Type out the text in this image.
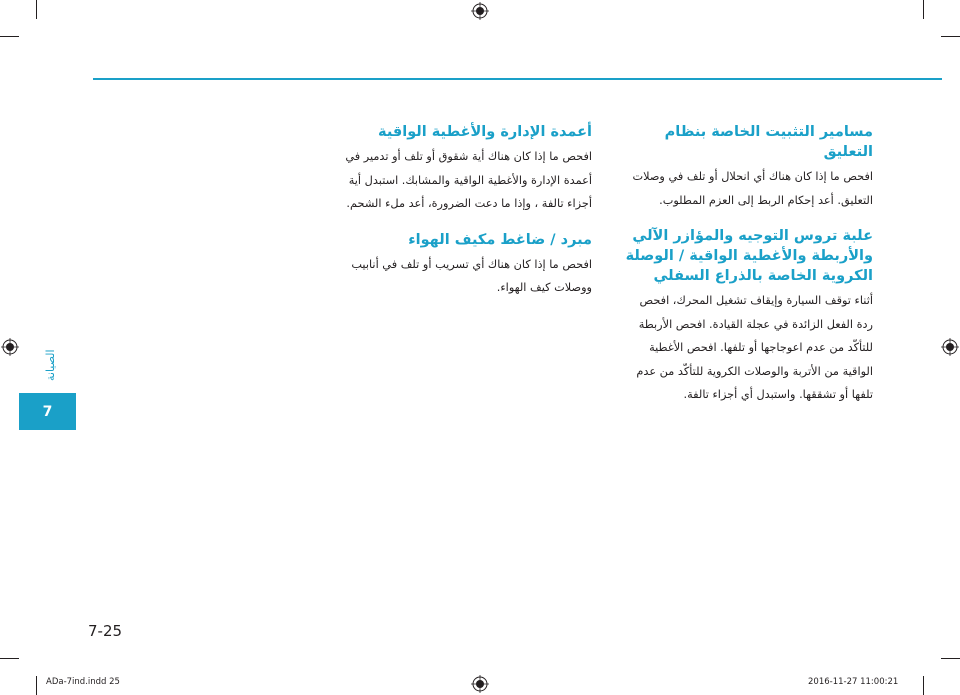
مسامير التثبيت الخاصة بنظام التعليق
افحص ما إذا كان هناك أي انحلال أو تلف في وصلات التعليق. أعد إحكام الربط إلى العزم المطلوب.
علبة تروس التوجيه والمؤازر الآلي
والأربطة والأغطية الواقية / الوصلة
الكروية الخاصة بالذراع السفلي
أثناء توقف السيارة وإيقاف تشغيل المحرك، افحص ردة الفعل الزائدة في عجلة القيادة. افحص الأربطة للتأكّد من عدم اعوجاجها أو تلفها. افحص الأغطية الواقية من الأتربة والوصلات الكروية للتأكّد من عدم تلفها أو تشققها. واستبدل أي أجزاء تالفة.
أعمدة الإدارة والأغطية الواقية
افحص ما إذا كان هناك أية شقوق أو تلف أو تدمير في أعمدة الإدارة والأغطية الواقية والمشابك. استبدل أية أجزاء تالفة ، وإذا ما دعت الضرورة، أعد ملء الشحم.
مبرد / ضاغط مكيف الهواء
افحص ما إذا كان هناك أي تسريب أو تلف في أنابيب ووصلات كيف الهواء.
الصيانة
7
7-25
ADa-7ind.indd 25	2016-11-27 11:00:21
